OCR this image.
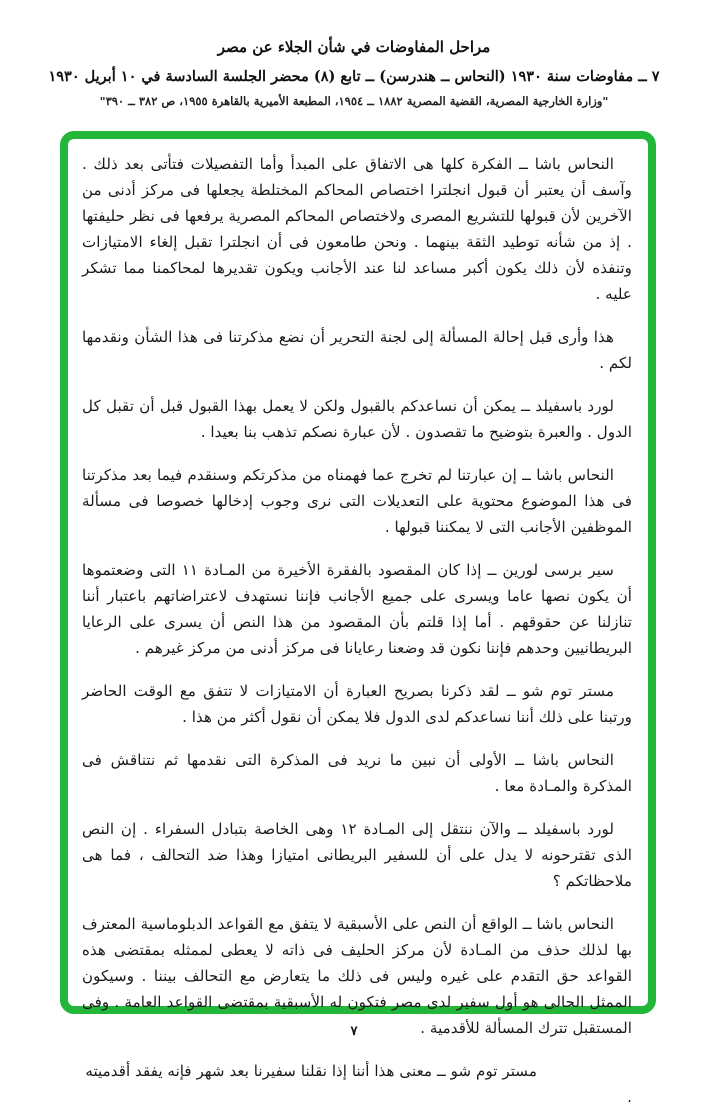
مراحل المفاوضات في شأن الجلاء عن مصر

٧ ــ مفاوضات سنة ١٩٣٠ (النحاس ــ هندرسن) ــ تابع (٨) محضر الجلسة السادسة في ١٠ أبريل ١٩٣٠

"وزارة الخارجية المصرية، القضية المصرية ١٨٨٢ ــ ١٩٥٤، المطبعة الأميرية بالقاهرة ١٩٥٥، ص ٣٨٢ ــ ٣٩٠"

النحاس باشا ــ الفكرة كلها هى الاتفاق على المبدأ وأما التفصيلات فتأتى بعد ذلك . وآسف أن يعتبر أن قبول انجلترا اختصاص المحاكم المختلطة يجعلها فى مركز أدنى من الآخرين لأن قبولها للتشريع المصرى ولاختصاص المحاكم المصرية يرفعها فى نظر حليفتها . إذ من شأنه توطيد الثقة بينهما . ونحن طامعون فى أن انجلترا تقبل إلغاء الامتيازات وتنفذه لأن ذلك يكون أكبر مساعد لنا عند الأجانب ويكون تقديرها لمحاكمنا مما تشكر عليه .

هذا وأرى قبل إحالة المسألة إلى لجنة التحرير أن نضع مذكرتنا فى هذا الشأن ونقدمها لكم .

لورد باسفيلد ــ يمكن أن نساعدكم بالقبول ولكن لا يعمل بهذا القبول قبل أن تقبل كل الدول . والعبرة بتوضيح ما تقصدون . لأن عبارة نصكم تذهب بنا بعيدا .

النحاس باشا ــ إن عبارتنا لم تخرج عما فهمناه من مذكرتكم وسنقدم فيما بعد مذكرتنا فى هذا الموضوع محتوية على التعديلات التى نرى وجوب إدخالها خصوصا فى مسألة الموظفين الأجانب التى لا يمكننا قبولها .

سير برسى لورين ــ إذا كان المقصود بالفقرة الأخيرة من المـادة ١١ التى وضعتموها أن يكون نصها عاما ويسرى على جميع الأجانب فإننا نستهدف لاعتراضاتهم باعتبار أننا تنازلنا عن حقوقهم . أما إذا قلتم بأن المقصود من هذا النص أن يسرى على الرعايا البريطانيين وحدهم فإننا نكون قد وضعنا رعايانا فى مركز أدنى من مركز غيرهم .

مستر توم شو ــ لقد ذكرنا بصريح العبارة أن الامتيازات لا تتفق مع الوقت الحاضر ورتبنا على ذلك أننا نساعدكم لدى الدول فلا يمكن أن نقول أكثر من هذا .

النحاس باشا ــ الأولى أن نبين ما نريد فى المذكرة التى نقدمها ثم نتناقش فى المذكرة والمـادة معا .

لورد باسفيلد ــ والآن ننتقل إلى المـادة ١٢ وهى الخاصة بتبادل السفراء . إن النص الذى تقترحونه لا يدل على أن للسفير البريطانى امتيازا وهذا ضد التحالف ، فما هى ملاحظاتكم ؟

النحاس باشا ــ الواقع أن النص على الأسبقية لا يتفق مع القواعد الدبلوماسية المعترف بها لذلك حذف من المـادة لأن مركز الحليف فى ذاته لا يعطى لممثله بمقتضى هذه القواعد حق التقدم على غيره وليس فى ذلك ما يتعارض مع التحالف بيننا . وسيكون الممثل الحالى هو أول سفير لدى مصر فتكون له الأسبقية بمقتضى القواعد العامة . وفى المستقبل تترك المسألة للأقدمية .

مستر توم شو ــ معنى هذا أننا إذا نقلنا سفيرنا بعد شهر فإنه يفقد أقدميته .

٧
